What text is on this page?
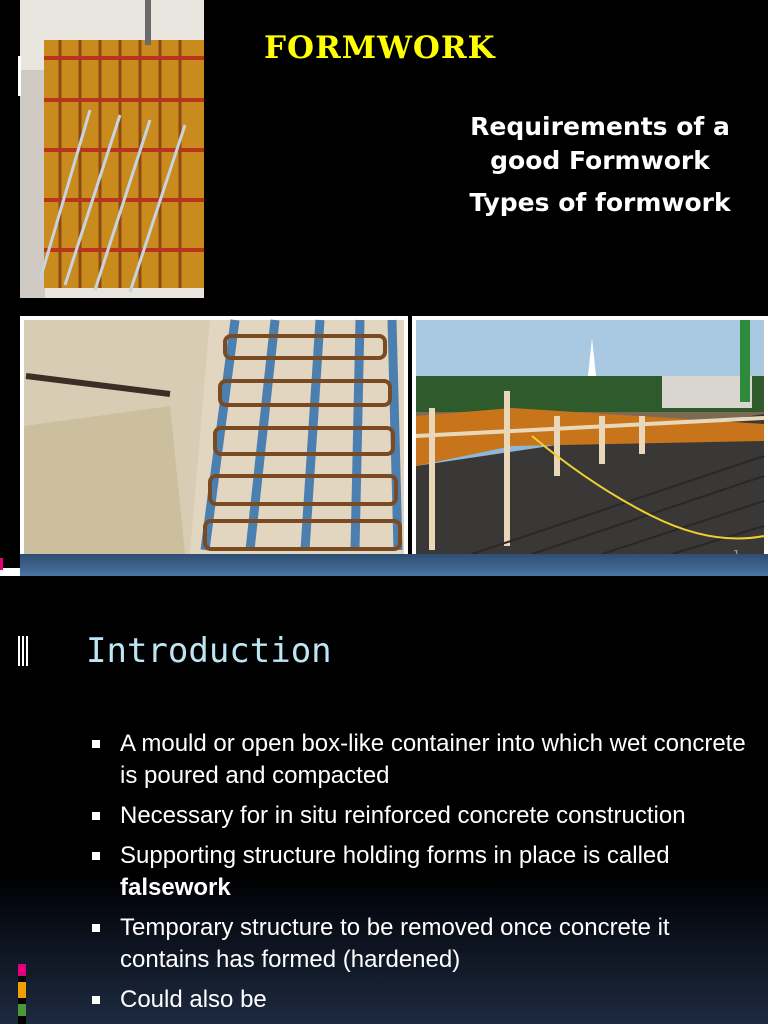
FORMWORK
Requirements of a good Formwork
Types of formwork
Introduction
A mould or open box-like container into which wet concrete is poured and compacted
Necessary for in situ reinforced concrete construction
Supporting structure holding forms in place is called falsework
Temporary structure to be removed once concrete it contains has formed (hardened)
Could also be
